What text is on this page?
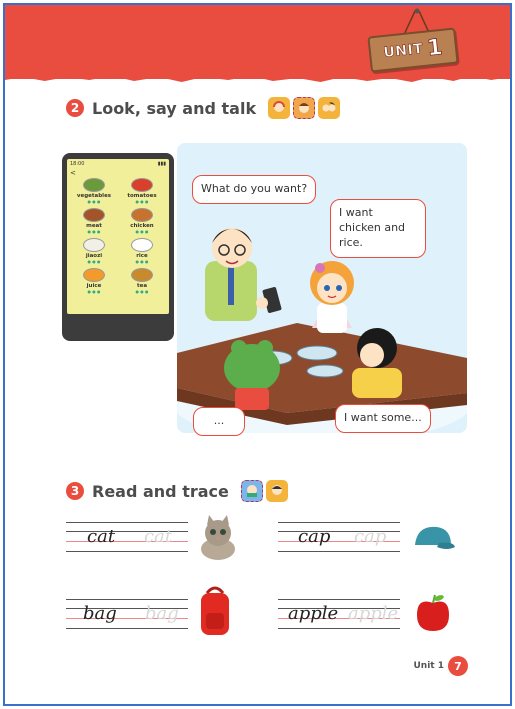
UNIT 1
2 Look, say and talk
18:00	▮▮▮
<
vegetables
● ● ●
tomatoes
● ● ●
meat
● ● ●
chicken
● ● ●
jiaozi
● ● ●
rice
● ● ●
juice
● ● ●
tea
● ● ●
What do you want?
I want chicken and rice.
...	I want some...
3 Read and trace
cat cat	cap cap
bag bag	apple apple
Unit 1 7
